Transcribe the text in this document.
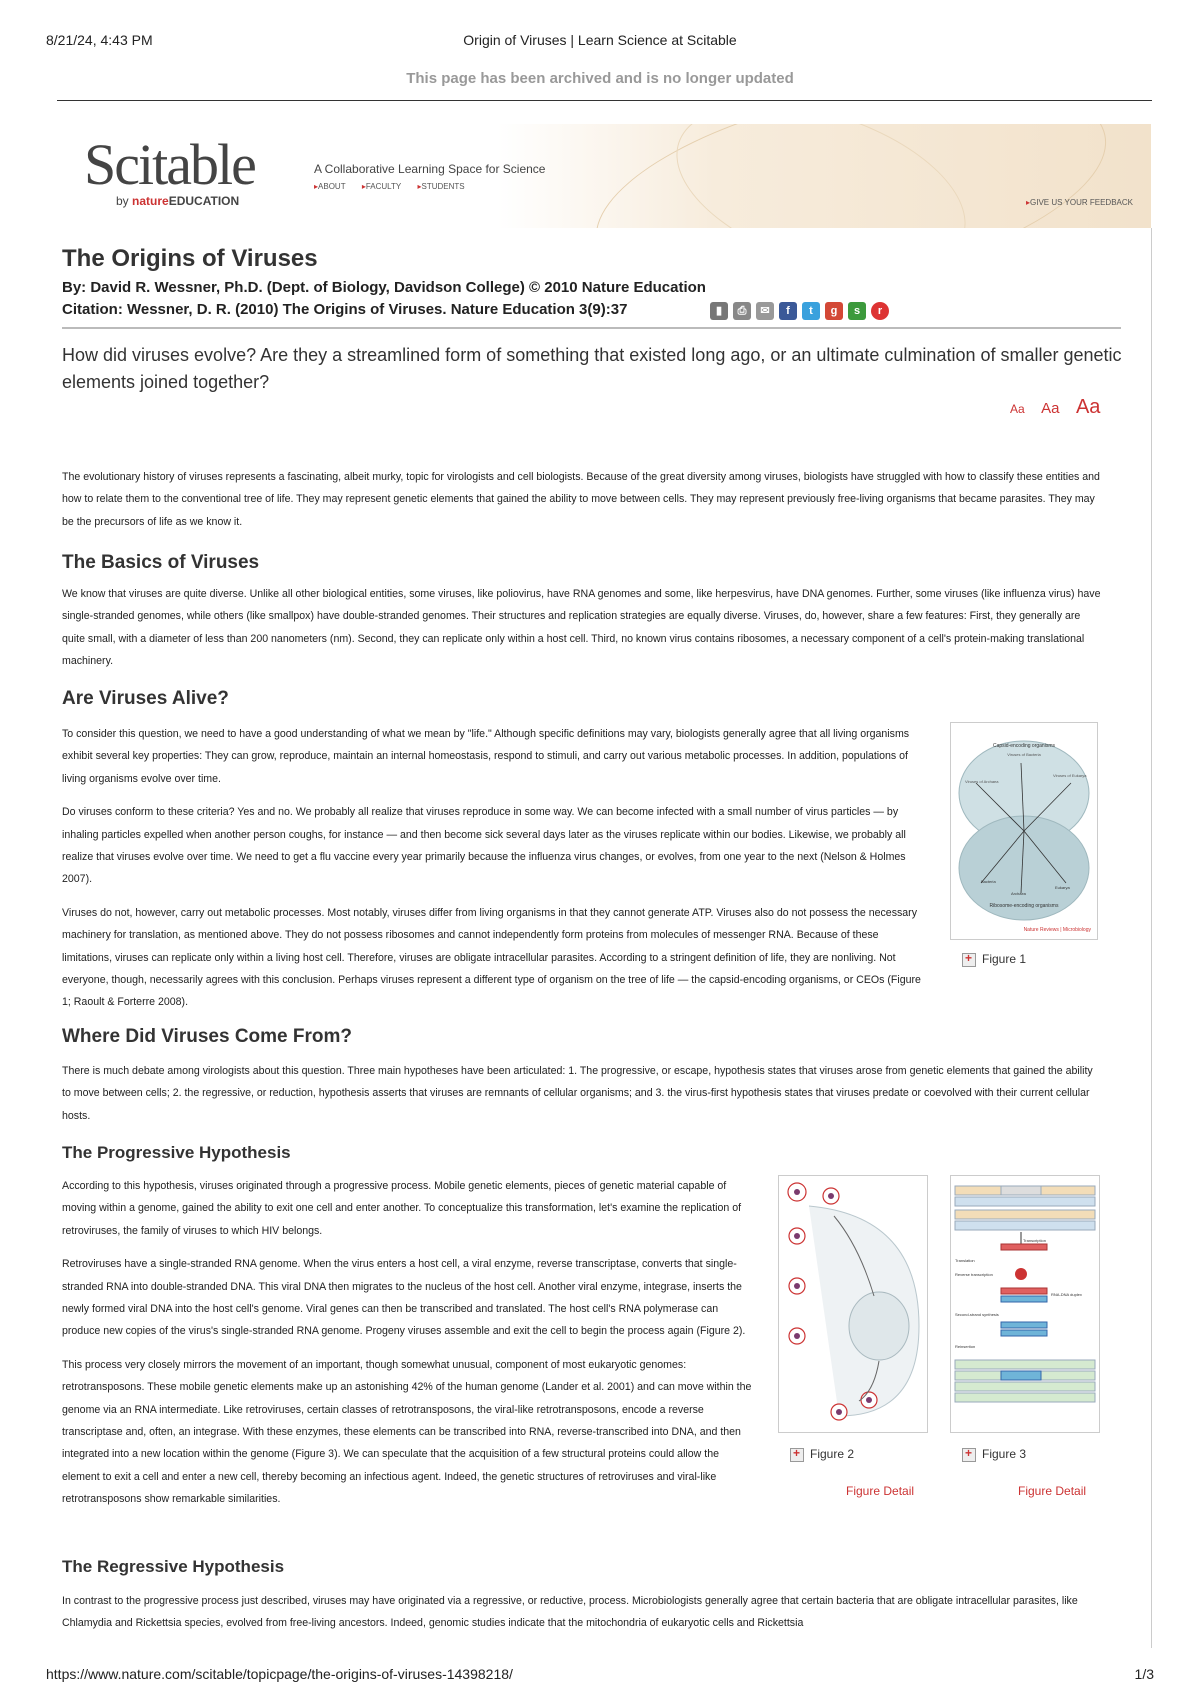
8/21/24, 4:43 PM	Origin of Viruses | Learn Science at Scitable
This page has been archived and is no longer updated
Scitable
by natureEDUCATION
A Collaborative Learning Space for Science
▸ ABOUT	▸ FACULTY	▸ STUDENTS
▸ GIVE US YOUR FEEDBACK
The Origins of Viruses
By: David R. Wessner, Ph.D. (Dept. of Biology, Davidson College) © 2010 Nature Education
Citation: Wessner, D. R. (2010) The Origins of Viruses. Nature Education 3(9):37	▮	⎙	✉	f	t	g	s	r
How did viruses evolve? Are they a streamlined form of something that existed long ago, or an ultimate culmination of smaller genetic elements joined together?
Aa Aa Aa

The evolutionary history of viruses represents a fascinating, albeit murky, topic for virologists and cell biologists. Because of the great diversity among viruses, biologists have struggled with how to classify these entities and how to relate them to the conventional tree of life. They may represent genetic elements that gained the ability to move between cells. They may represent previously free-living organisms that became parasites. They may be the precursors of life as we know it.

The Basics of Viruses

We know that viruses are quite diverse. Unlike all other biological entities, some viruses, like poliovirus, have RNA genomes and some, like herpesvirus, have DNA genomes. Further, some viruses (like influenza virus) have single-stranded genomes, while others (like smallpox) have double-stranded genomes. Their structures and replication strategies are equally diverse. Viruses, do, however, share a few features: First, they generally are quite small, with a diameter of less than 200 nanometers (nm). Second, they can replicate only within a host cell. Third, no known virus contains ribosomes, a necessary component of a cell's protein-making translational machinery.

Are Viruses Alive?

To consider this question, we need to have a good understanding of what we mean by "life." Although specific definitions may vary, biologists generally agree that all living organisms exhibit several key properties: They can grow, reproduce, maintain an internal homeostasis, respond to stimuli, and carry out various metabolic processes. In addition, populations of living organisms evolve over time.

Do viruses conform to these criteria? Yes and no. We probably all realize that viruses reproduce in some way. We can become infected with a small number of virus particles — by inhaling particles expelled when another person coughs, for instance — and then become sick several days later as the viruses replicate within our bodies. Likewise, we probably all realize that viruses evolve over time. We need to get a flu vaccine every year primarily because the influenza virus changes, or evolves, from one year to the next (Nelson & Holmes 2007).

Viruses do not, however, carry out metabolic processes. Most notably, viruses differ from living organisms in that they cannot generate ATP. Viruses also do not possess the necessary machinery for translation, as mentioned above. They do not possess ribosomes and cannot independently form proteins from molecules of messenger RNA. Because of these limitations, viruses can replicate only within a living host cell. Therefore, viruses are obligate intracellular parasites. According to a stringent definition of life, they are nonliving. Not everyone, though, necessarily agrees with this conclusion. Perhaps viruses represent a different type of organism on the tree of life — the capsid-encoding organisms, or CEOs (Figure 1; Raoult & Forterre 2008).

Capsid-encoding organisms
Viruses of Bacteria
Viruses of Archaea
Viruses of Eukarya
Bacteria
Archaea
Eukarya
Ribosome-encoding organisms
Nature Reviews | Microbiology
+Figure 1
Where Did Viruses Come From?

There is much debate among virologists about this question. Three main hypotheses have been articulated: 1. The progressive, or escape, hypothesis states that viruses arose from genetic elements that gained the ability to move between cells; 2. the regressive, or reduction, hypothesis asserts that viruses are remnants of cellular organisms; and 3. the virus-first hypothesis states that viruses predate or coevolved with their current cellular hosts.

The Progressive Hypothesis

According to this hypothesis, viruses originated through a progressive process. Mobile genetic elements, pieces of genetic material capable of moving within a genome, gained the ability to exit one cell and enter another. To conceptualize this transformation, let's examine the replication of retroviruses, the family of viruses to which HIV belongs.

Retroviruses have a single-stranded RNA genome. When the virus enters a host cell, a viral enzyme, reverse transcriptase, converts that single-stranded RNA into double-stranded DNA. This viral DNA then migrates to the nucleus of the host cell. Another viral enzyme, integrase, inserts the newly formed viral DNA into the host cell's genome. Viral genes can then be transcribed and translated. The host cell's RNA polymerase can produce new copies of the virus's single-stranded RNA genome. Progeny viruses assemble and exit the cell to begin the process again (Figure 2).

This process very closely mirrors the movement of an important, though somewhat unusual, component of most eukaryotic genomes: retrotransposons. These mobile genetic elements make up an astonishing 42% of the human genome (Lander et al. 2001) and can move within the genome via an RNA intermediate. Like retroviruses, certain classes of retrotransposons, the viral-like retrotransposons, encode a reverse transcriptase and, often, an integrase. With these enzymes, these elements can be transcribed into RNA, reverse-transcribed into DNA, and then integrated into a new location within the genome (Figure 3). We can speculate that the acquisition of a few structural proteins could allow the element to exit a cell and enter a new cell, thereby becoming an infectious agent. Indeed, the genetic structures of retroviruses and viral-like retrotransposons show remarkable similarities.

+Figure 2
Figure Detail
Transcription
Translation
Reverse transcription
RNA-DNA duplex
Second-strand synthesis
Reinsertion
+Figure 3
Figure Detail
The Regressive Hypothesis

In contrast to the progressive process just described, viruses may have originated via a regressive, or reductive, process. Microbiologists generally agree that certain bacteria that are obligate intracellular parasites, like Chlamydia and Rickettsia species, evolved from free-living ancestors. Indeed, genomic studies indicate that the mitochondria of eukaryotic cells and Rickettsia

https://www.nature.com/scitable/topicpage/the-origins-of-viruses-14398218/	1/3
